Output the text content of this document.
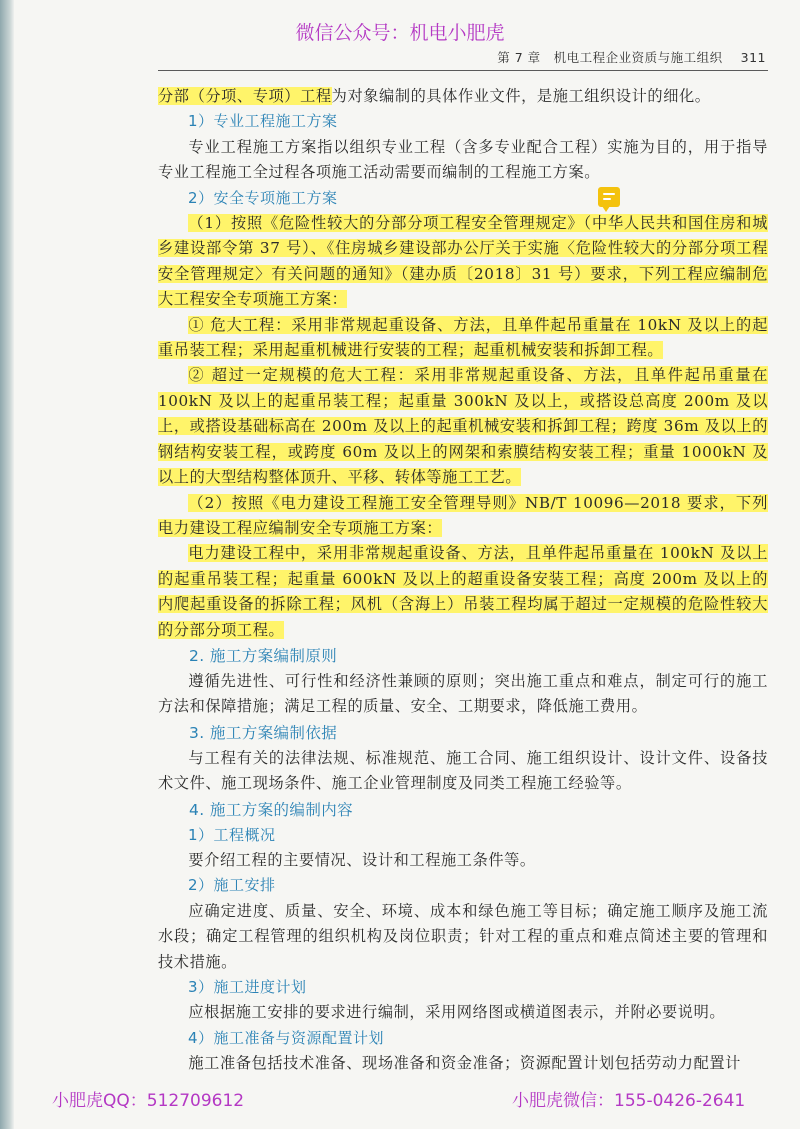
微信公众号：机电小肥虎
第 7 章　机电工程企业资质与施工组织 311

分部（分项、专项）工程为对象编制的具体作业文件，是施工组织设计的细化。

1）专业工程施工方案

专业工程施工方案指以组织专业工程（含多专业配合工程）实施为目的，用于指导专业工程施工全过程各项施工活动需要而编制的工程施工方案。

2）安全专项施工方案

（1）按照《危险性较大的分部分项工程安全管理规定》（中华人民共和国住房和城乡建设部令第 37 号）、《住房城乡建设部办公厅关于实施〈危险性较大的分部分项工程安全管理规定〉有关问题的通知》（建办质〔2018〕31 号）要求，下列工程应编制危大工程安全专项施工方案：

① 危大工程：采用非常规起重设备、方法，且单件起吊重量在 10kN 及以上的起重吊装工程；采用起重机械进行安装的工程；起重机械安装和拆卸工程。

② 超过一定规模的危大工程：采用非常规起重设备、方法，且单件起吊重量在 100kN 及以上的起重吊装工程；起重量 300kN 及以上，或搭设总高度 200m 及以上，或搭设基础标高在 200m 及以上的起重机械安装和拆卸工程；跨度 36m 及以上的钢结构安装工程，或跨度 60m 及以上的网架和索膜结构安装工程；重量 1000kN 及以上的大型结构整体顶升、平移、转体等施工工艺。

（2）按照《电力建设工程施工安全管理导则》NB/T 10096—2018 要求，下列电力建设工程应编制安全专项施工方案：

电力建设工程中，采用非常规起重设备、方法，且单件起吊重量在 100kN 及以上的起重吊装工程；起重量 600kN 及以上的超重设备安装工程；高度 200m 及以上的内爬起重设备的拆除工程；风机（含海上）吊装工程均属于超过一定规模的危险性较大的分部分项工程。

2. 施工方案编制原则

遵循先进性、可行性和经济性兼顾的原则；突出施工重点和难点，制定可行的施工方法和保障措施；满足工程的质量、安全、工期要求，降低施工费用。

3. 施工方案编制依据

与工程有关的法律法规、标准规范、施工合同、施工组织设计、设计文件、设备技术文件、施工现场条件、施工企业管理制度及同类工程施工经验等。

4. 施工方案的编制内容

1）工程概况

要介绍工程的主要情况、设计和工程施工条件等。

2）施工安排

应确定进度、质量、安全、环境、成本和绿色施工等目标；确定施工顺序及施工流水段；确定工程管理的组织机构及岗位职责；针对工程的重点和难点简述主要的管理和技术措施。

3）施工进度计划

应根据施工安排的要求进行编制，采用网络图或横道图表示，并附必要说明。

4）施工准备与资源配置计划

施工准备包括技术准备、现场准备和资金准备；资源配置计划包括劳动力配置计

小肥虎QQ：512709612	小肥虎微信：155-0426-2641
